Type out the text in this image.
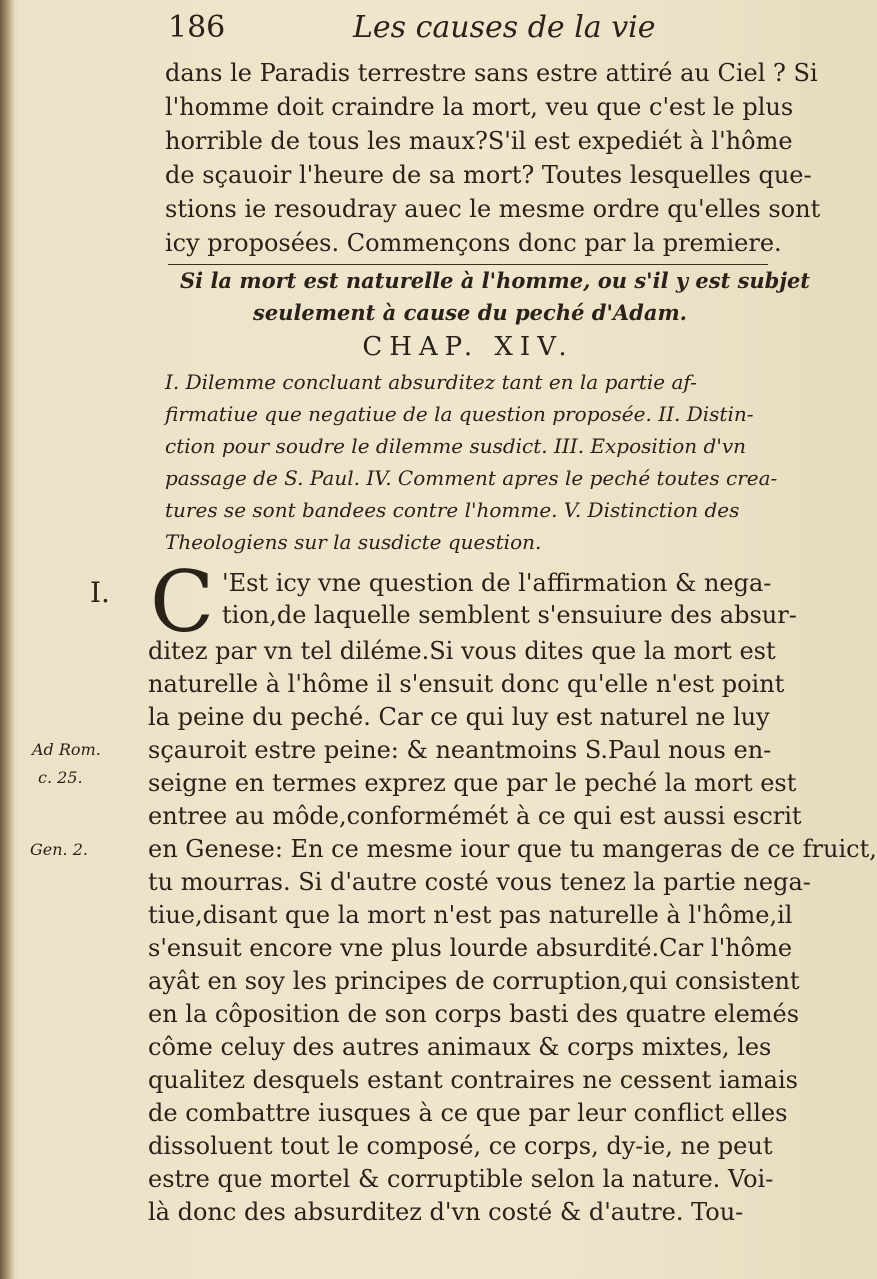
186	Les causes de la vie
dans le Paradis terrestre sans estre attiré au Ciel ? Si
l'homme doit craindre la mort, veu que c'est le plus
horrible de tous les maux?S'il est expediét à l'hôme
de sçauoir l'heure de sa mort? Toutes lesquelles que-
stions ie resoudray auec le mesme ordre qu'elles sont
icy proposées. Commençons donc par la premiere.
Si la mort est naturelle à l'homme, ou s'il y est subjet
seulement à cause du peché d'Adam.
CHAP. XIV.
I. Dilemme concluant absurditez tant en la partie af-
firmatiue que negatiue de la question proposée. II. Distin-
ction pour soudre le dilemme susdict. III. Exposition d'vn
passage de S. Paul. IV. Comment apres le peché toutes crea-
tures se sont bandees contre l'homme. V. Distinction des
Theologiens sur la susdicte question.
I. C 'Est icy vne question de l'affirmation & nega-
tion,de laquelle semblent s'ensuiure des absur-
ditez par vn tel diléme.Si vous dites que la mort est
naturelle à l'hôme il s'ensuit donc qu'elle n'est point
la peine du peché. Car ce qui luy est naturel ne luy
sçauroit estre peine: & neantmoins S.Paul nous en-
seigne en termes exprez que par le peché la mort est
entree au môde,conformémét à ce qui est aussi escrit
en Genese: En ce mesme iour que tu mangeras de ce fruict,
tu mourras. Si d'autre costé vous tenez la partie nega-
tiue,disant que la mort n'est pas naturelle à l'hôme,il
s'ensuit encore vne plus lourde absurdité.Car l'hôme
ayât en soy les principes de corruption,qui consistent
en la côposition de son corps basti des quatre elemés
côme celuy des autres animaux & corps mixtes, les
qualitez desquels estant contraires ne cessent iamais
de combattre iusques à ce que par leur conflict elles
dissoluent tout le composé, ce corps, dy-ie, ne peut
estre que mortel & corruptible selon la nature. Voi-
là donc des absurditez d'vn costé & d'autre. Tou-
Ad Rom.
c. 25.
Gen. 2.
